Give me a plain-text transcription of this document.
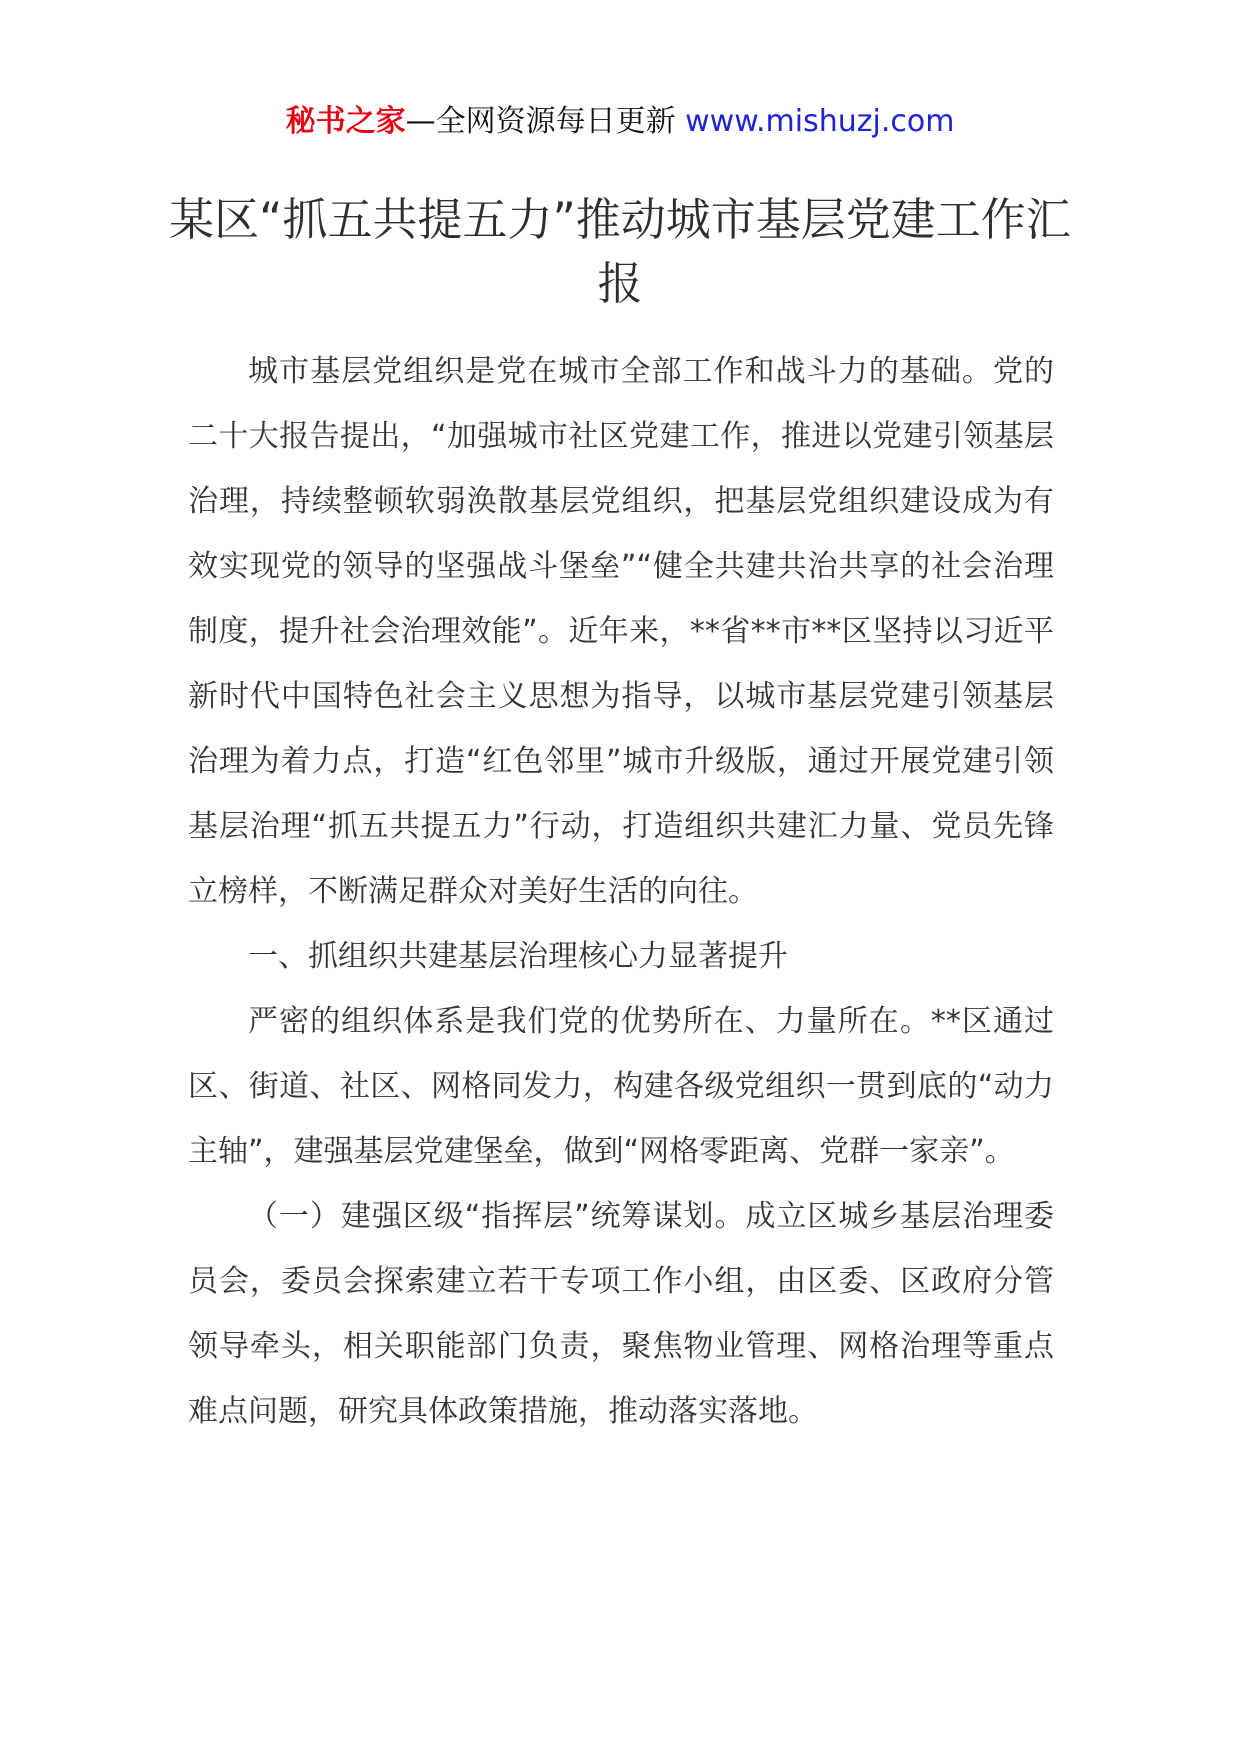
秘书之家—全网资源每日更新 www.mishuzj.com
某区“抓五共提五力”推动城市基层党建工作汇报

城市基层党组织是党在城市全部工作和战斗力的基础。党的二十大报告提出，“加强城市社区党建工作，推进以党建引领基层治理，持续整顿软弱涣散基层党组织，把基层党组织建设成为有效实现党的领导的坚强战斗堡垒”“健全共建共治共享的社会治理制度，提升社会治理效能”。近年来，**省**市**区坚持以习近平新时代中国特色社会主义思想为指导，以城市基层党建引领基层治理为着力点，打造“红色邻里”城市升级版，通过开展党建引领基层治理“抓五共提五力”行动，打造组织共建汇力量、党员先锋立榜样，不断满足群众对美好生活的向往。

一、抓组织共建基层治理核心力显著提升

严密的组织体系是我们党的优势所在、力量所在。**区通过区、街道、社区、网格同发力，构建各级党组织一贯到底的“动力主轴”，建强基层党建堡垒，做到“网格零距离、党群一家亲”。

（一）建强区级“指挥层”统筹谋划。成立区城乡基层治理委员会，委员会探索建立若干专项工作小组，由区委、区政府分管领导牵头，相关职能部门负责，聚焦物业管理、网格治理等重点难点问题，研究具体政策措施，推动落实落地。
